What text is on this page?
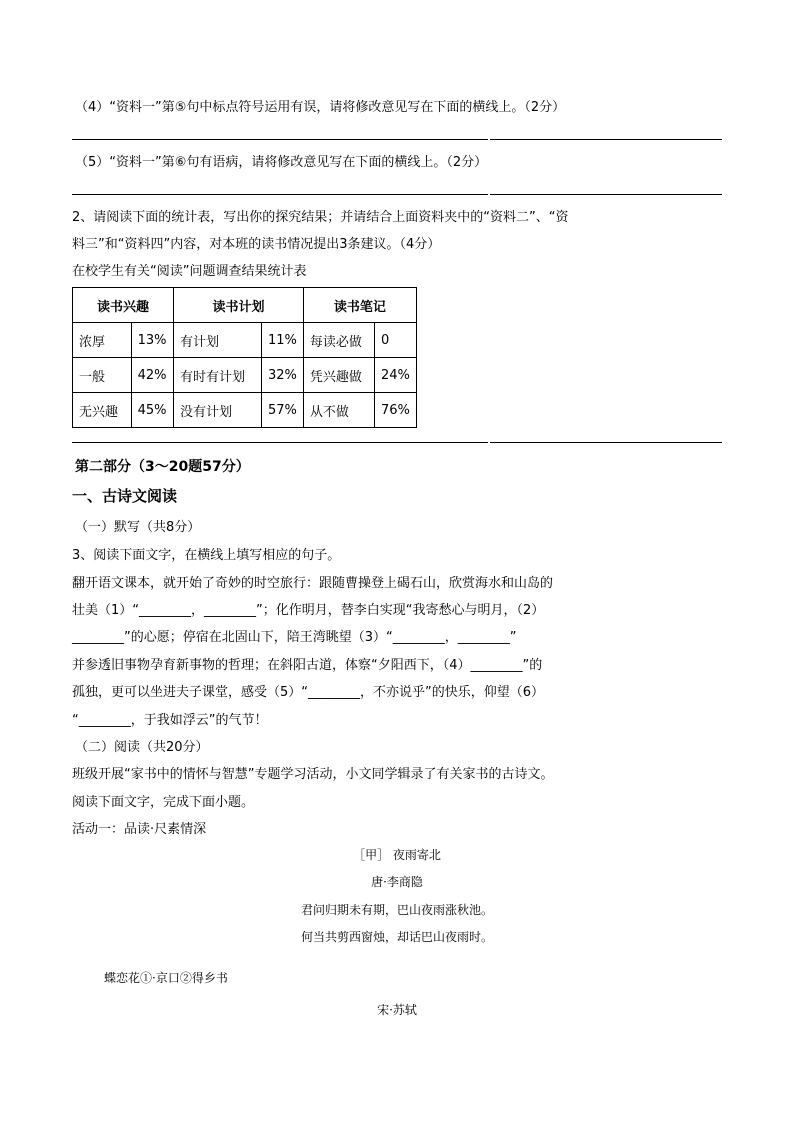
（4）“资料一”第⑤句中标点符号运用有误，请将修改意见写在下面的横线上。（2分）
（5）“资料一”第⑥句有语病，请将修改意见写在下面的横线上。（2分）
2、请阅读下面的统计表，写出你的探究结果；并请结合上面资料夹中的“资料二”、“资
料三”和“资料四”内容，对本班的读书情况提出3条建议。（4分）
在校学生有关“阅读”问题调查结果统计表
读书兴趣		读书计划		读书笔记	
浓厚	13%	有计划	11%	每读必做	0
一般	42%	有时有计划	32%	凭兴趣做	24%
无兴趣	45%	没有计划	57%	从不做	76%
第二部分（3～20题57分）
一、古诗文阅读
（一）默写（共8分）
3、阅读下面文字，在横线上填写相应的句子。
翻开语文课本，就开始了奇妙的时空旅行：跟随曹操登上碣石山，欣赏海水和山岛的
壮美（1）“________，________”；化作明月，替李白实现“我寄愁心与明月，（2）
________”的心愿；停宿在北固山下，陪王湾眺望（3）“________，________”
并参透旧事物孕育新事物的哲理；在斜阳古道，体察“夕阳西下，（4）________”的
孤独，更可以坐进夫子课堂，感受（5）“________，不亦说乎”的快乐，仰望（6）
“________，于我如浮云”的气节！
（二）阅读（共20分）
班级开展“家书中的情怀与智慧”专题学习活动，小文同学辑录了有关家书的古诗文。
阅读下面文字，完成下面小题。
活动一：品读·尺素情深
［甲］ 夜雨寄北
唐·李商隐
君问归期未有期，巴山夜雨涨秋池。
何当共剪西窗烛，却话巴山夜雨时。
蝶恋花①·京口②得乡书
宋·苏轼
